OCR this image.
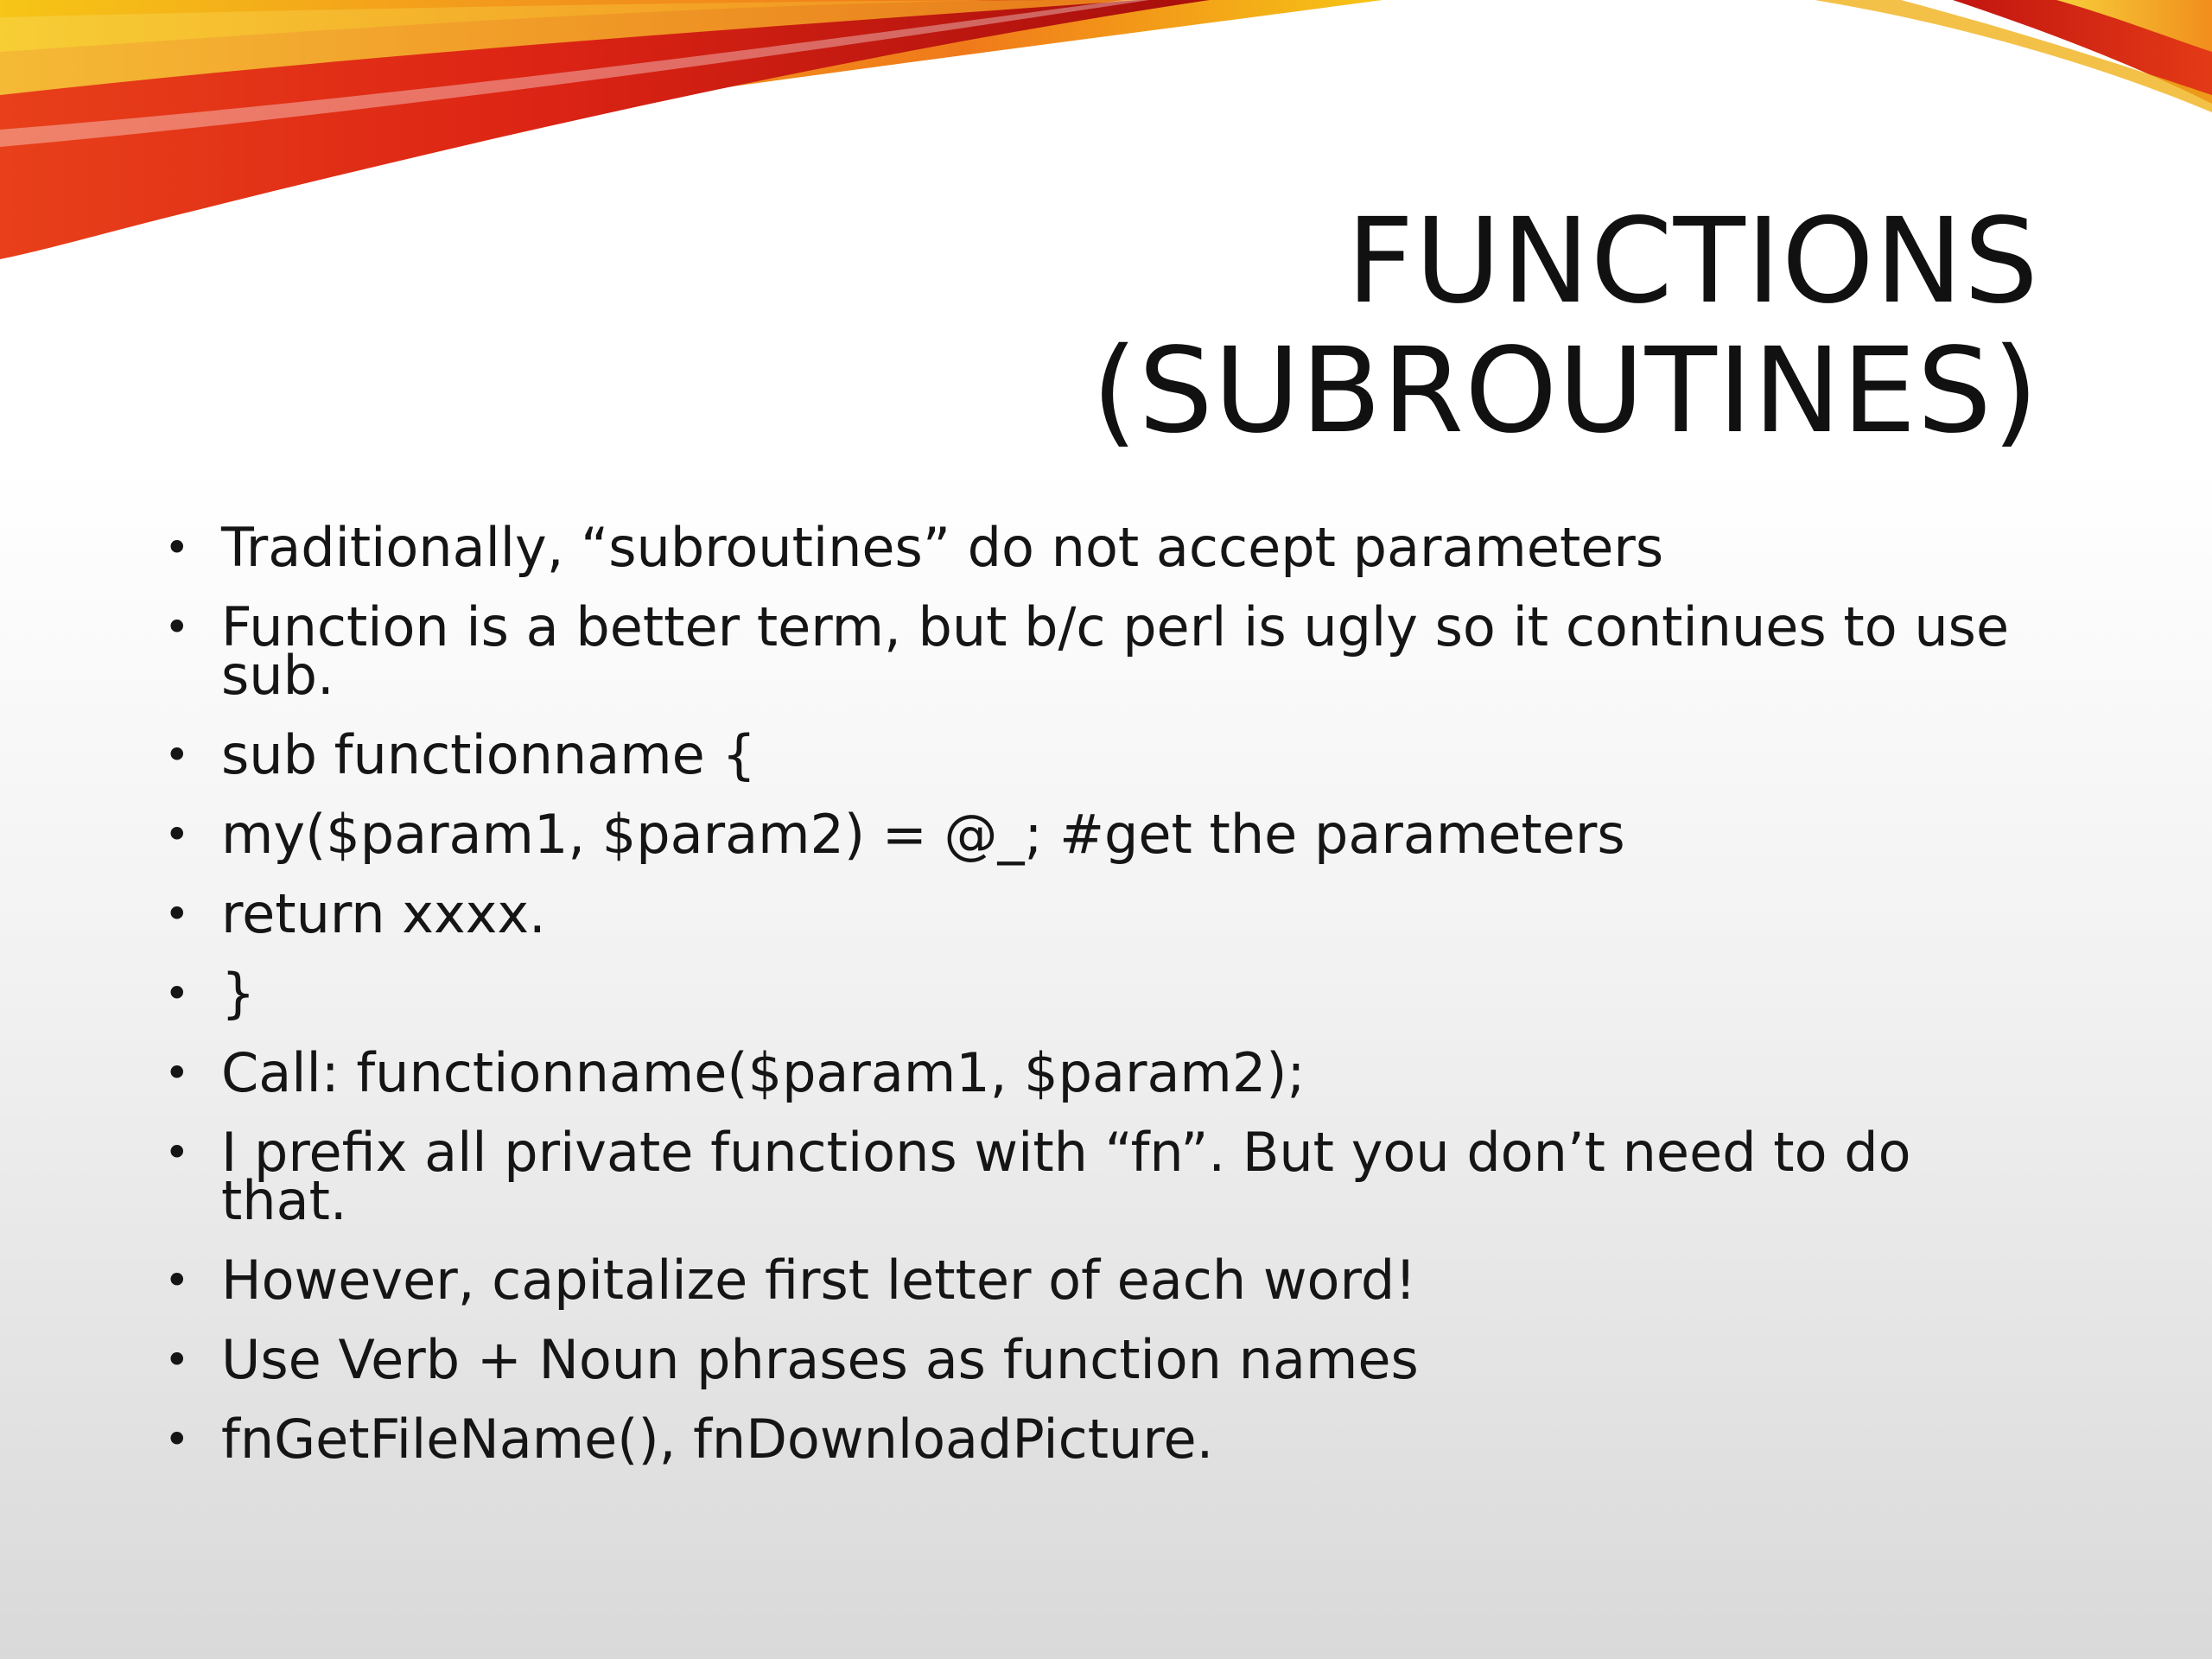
FUNCTIONS
(SUBROUTINES)
• Traditionally, “subroutines” do not accept parameters
• Function is a better term, but b/c perl is ugly so it continues to use sub.
• sub functionname {
• my($param1, $param2) = @_; #get the parameters
• return xxxx.
• }
• Call: functionname($param1, $param2);
• I prefix all private functions with “fn”. But you don’t need to do that.
• However, capitalize first letter of each word!
• Use Verb + Noun phrases as function names
• fnGetFileName(), fnDownloadPicture.
